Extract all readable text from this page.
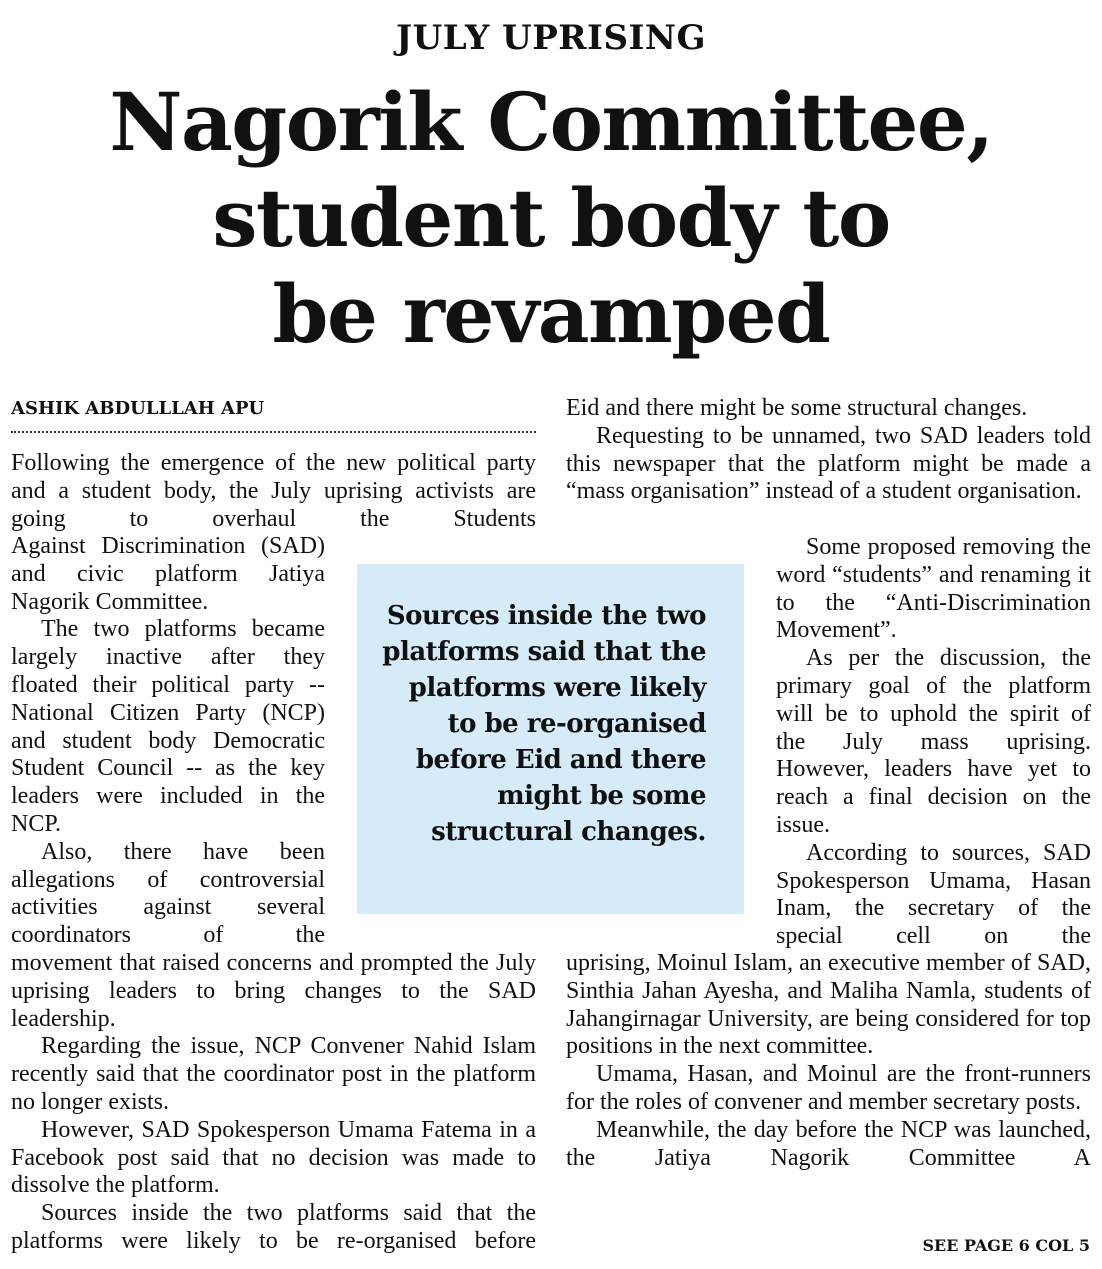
JULY UPRISING
Nagorik Committee,
student body to
be revamped
ASHIK ABDULLLAH APU

Following the emergence of the new political party and a student body, the July uprising activists are going to overhaul the Students

Against Discrimination (SAD) and civic platform Jatiya Nagorik Committee.

The two platforms became largely inactive after they floated their political party -- National Citizen Party (NCP) and student body Democratic Student Council -- as the key leaders were included in the NCP.

Also, there have been allegations of controversial activities against several coordinators of the

movement that raised concerns and prompted the July uprising leaders to bring changes to the SAD leadership.

Regarding the issue, NCP Convener Nahid Islam recently said that the coordinator post in the platform no longer exists.

However, SAD Spokesperson Umama Fatema in a Facebook post said that no decision was made to dissolve the platform.

Sources inside the two platforms said that the platforms were likely to be re-organised before

Eid and there might be some structural changes.

Requesting to be unnamed, two SAD leaders told this newspaper that the platform might be made a “mass organisation” instead of a student organisation.

Some proposed removing the word “students” and renaming it to the “Anti-Discrimination Movement”.

As per the discussion, the primary goal of the platform will be to uphold the spirit of the July mass uprising. However, leaders have yet to reach a final decision on the issue.

According to sources, SAD Spokesperson Umama, Hasan Inam, the secretary of the special cell on the

uprising, Moinul Islam, an executive member of SAD, Sinthia Jahan Ayesha, and Maliha Namla, students of Jahangirnagar University, are being considered for top positions in the next committee.

Umama, Hasan, and Moinul are the front-runners for the roles of convener and member secretary posts.

Meanwhile, the day before the NCP was launched, the Jatiya Nagorik Committee A

Sources inside the two platforms said that the platforms were likely to be re-organised before Eid and there might be some structural changes.
SEE PAGE 6 COL 5
